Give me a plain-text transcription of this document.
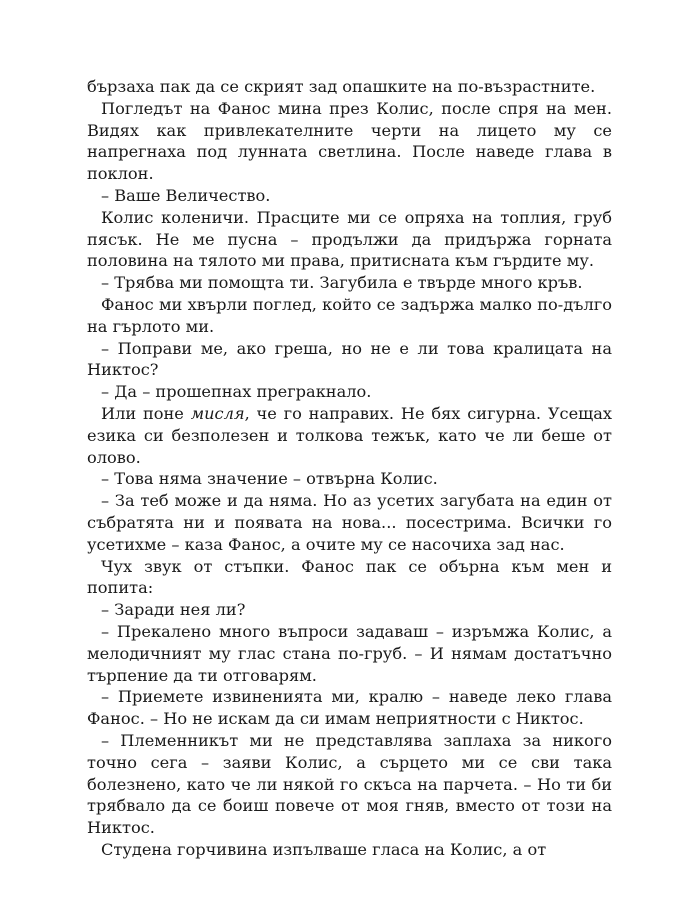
бързаха пак да се скрият зад опашките на по-възрастните.

Погледът на Фанос мина през Колис, после спря на мен. Видях как привлекателните черти на лицето му се напрегнаха под лунната светлина. После наведе глава в поклон.

– Ваше Величество.

Колис коленичи. Прасците ми се опряха на топлия, груб пясък. Не ме пусна – продължи да придържа горната половина на тялото ми права, притисната към гърдите му.

– Трябва ми помощта ти. Загубила е твърде много кръв.

Фанос ми хвърли поглед, който се задържа малко по-дълго на гърлото ми.

– Поправи ме, ако греша, но не е ли това кралицата на Никтос?

– Да – прошепнах прегракнало.

Или поне мисля, че го направих. Не бях сигурна. Усещах езика си безполезен и толкова тежък, като че ли беше от олово.

– Това няма значение – отвърна Колис.

– За теб може и да няма. Но аз усетих загубата на един от събратята ни и появата на нова... посестрима. Всички го усетихме – каза Фанос, а очите му се насочиха зад нас.

Чух звук от стъпки. Фанос пак се обърна към мен и попита:

– Заради нея ли?

– Прекалено много въпроси задаваш – изръмжа Колис, а мелодичният му глас стана по-груб. – И нямам достатъчно търпение да ти отговарям.

– Приемете извиненията ми, кралю – наведе леко глава Фанос. – Но не искам да си имам неприятности с Никтос.

– Племенникът ми не представлява заплаха за никого точно сега – заяви Колис, а сърцето ми се сви така болезнено, като че ли някой го скъса на парчета. – Но ти би трябвало да се боиш повече от моя гняв, вместо от този на Никтос.

Студена горчивина изпълваше гласа на Колис, а от
